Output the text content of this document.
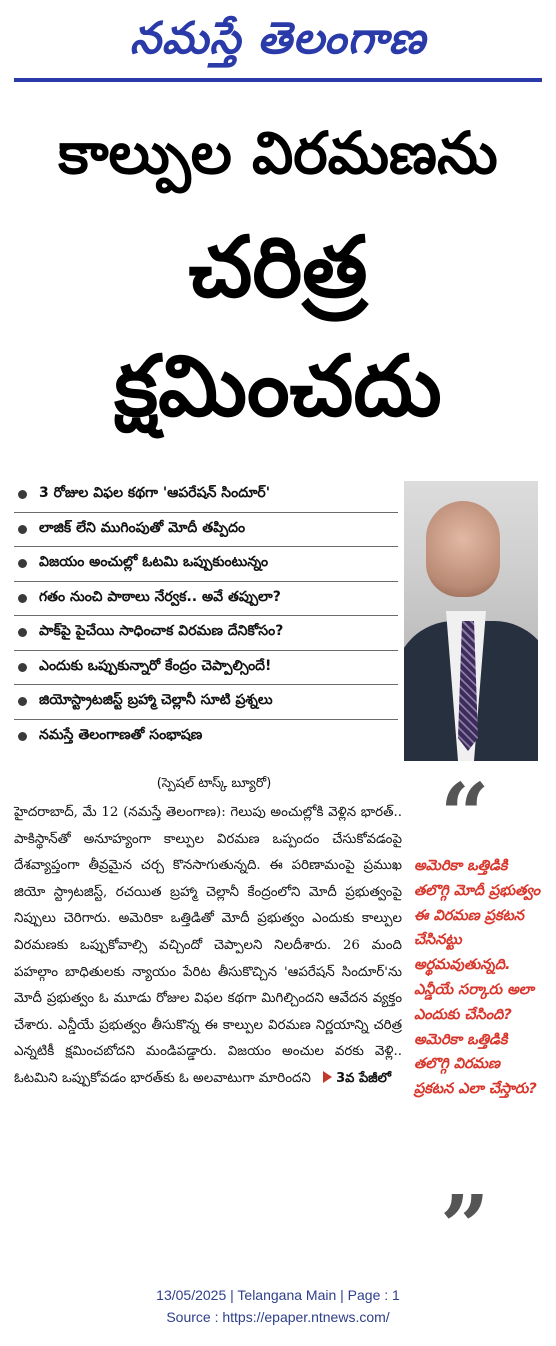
నమస్తే తెలంగాణ
కాల్పుల విరమణను
చరిత్ర
క్షమించదు
3 రోజుల విఫల కథగా 'ఆపరేషన్ సిందూర్'
లాజిక్ లేని ముగింపుతో మోదీ తప్పిదం
విజయం అంచుల్లో ఓటమి ఒప్పుకుంటున్నం
గతం నుంచి పాఠాలు నేర్వక.. అవే తప్పులా?
పాక్‌పై పైచేయి సాధించాక విరమణ దేనికోసం?
ఎందుకు ఒప్పుకున్నారో కేంద్రం చెప్పాల్సిందే!
జియోస్ట్రాటజిస్ట్ బ్రహ్మా చెల్లానీ సూటి ప్రశ్నలు
నమస్తే తెలంగాణతో సంభాషణ
(స్పెషల్ టాస్క్ బ్యూరో)
హైదరాబాద్, మే 12 (నమస్తే తెలంగాణ): గెలుపు అంచుల్లోకి వెళ్లిన భారత్.. పాకిస్థాన్‌తో అనూహ్యంగా కాల్పుల విరమణ ఒప్పందం చేసుకోవడంపై దేశవ్యాప్తంగా తీవ్రమైన చర్చ కొనసాగుతున్నది. ఈ పరిణామంపై ప్రముఖ జియో స్ట్రాటజిస్ట్, రచయిత బ్రహ్మా చెల్లానీ కేంద్రంలోని మోదీ ప్రభుత్వంపై నిప్పులు చెరిగారు. అమెరికా ఒత్తిడితో మోదీ ప్రభుత్వం ఎందుకు కాల్పుల విరమణకు ఒప్పుకోవాల్సి వచ్చిందో చెప్పాలని నిలదీశారు. 26 మంది పహల్గాం బాధితులకు న్యాయం పేరిట తీసుకొచ్చిన 'ఆపరేషన్ సిందూర్'ను మోదీ ప్రభుత్వం ఓ మూడు రోజుల విఫల కథగా మిగిల్చిందని ఆవేదన వ్యక్తం చేశారు. ఎన్డీయే ప్రభుత్వం తీసుకొన్న ఈ కాల్పుల విరమణ నిర్ణయాన్ని చరిత్ర ఎన్నటికీ క్షమించబోదని మండిపడ్డారు. విజయం అంచుల వరకు వెళ్లి.. ఓటమిని ఒప్పుకోవడం భారత్‌కు ఓ అలవాటుగా మారిందని 3వ పేజీలో
“
అమెరికా ఒత్తిడికి తలొగ్గి మోదీ ప్రభుత్వం ఈ విరమణ ప్రకటన చేసినట్టు అర్థమవుతున్నది. ఎన్డీయే సర్కారు అలా ఎందుకు చేసింది? అమెరికా ఒత్తిడికి తలొగ్గి విరమణ ప్రకటన ఎలా చేస్తారు?
”
13/05/2025 | Telangana Main | Page : 1
Source : https://epaper.ntnews.com/
